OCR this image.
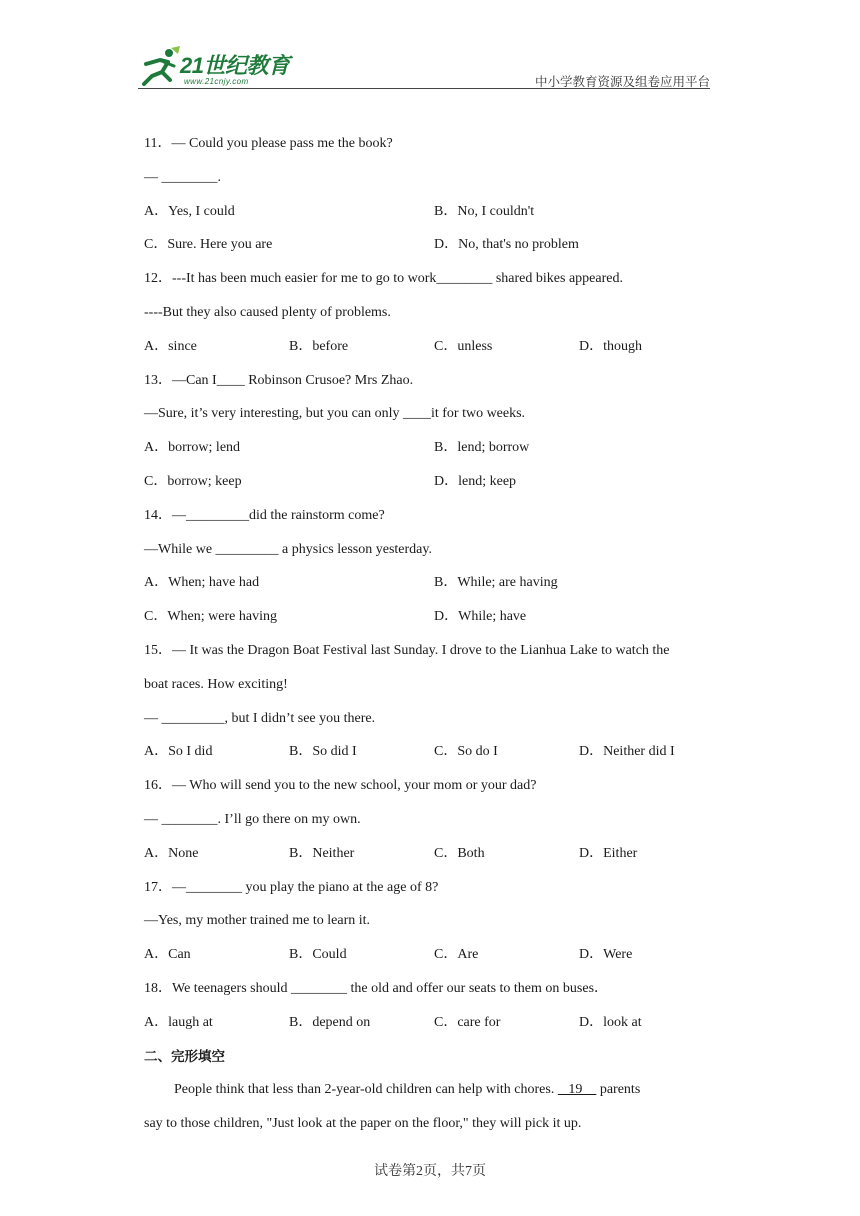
21世纪教育
www.21cnjy.com	中小学教育资源及组卷应用平台
11．— Could you please pass me the book?
— ________.
A．Yes, I could	B．No, I couldn't
C．Sure. Here you are	D．No, that's no problem
12．---It has been much easier for me to go to work________ shared bikes appeared.
----But they also caused plenty of problems.
A．since	B．before	C．unless	D．though
13．—Can I____ Robinson Crusoe? Mrs Zhao.
—Sure, it’s very interesting, but you can only ____it for two weeks.
A．borrow; lend	B．lend; borrow
C．borrow; keep	D．lend; keep
14．—_________did the rainstorm come?
—While we _________ a physics lesson yesterday.
A．When; have had	B．While; are having
C．When; were having	D．While; have
15．— It was the Dragon Boat Festival last Sunday. I drove to the Lianhua Lake to watch the
boat races. How exciting!
— _________, but I didn’t see you there.
A．So I did	B．So did I	C．So do I	D．Neither did I
16．— Who will send you to the new school, your mom or your dad?
— ________. I’ll go there on my own.
A．None	B．Neither	C．Both	D．Either
17．—________ you play the piano at the age of 8?
—Yes, my mother trained me to learn it.
A．Can	B．Could	C．Are	D．Were
18．We teenagers should ________ the old and offer our seats to them on buses．
A．laugh at	B．depend on	C．care for	D．look at
二、完形填空
People think that less than 2-year-old children can help with chores.    19     parents
say to those children, "Just look at the paper on the floor," they will pick it up.
试卷第2页，共7页
